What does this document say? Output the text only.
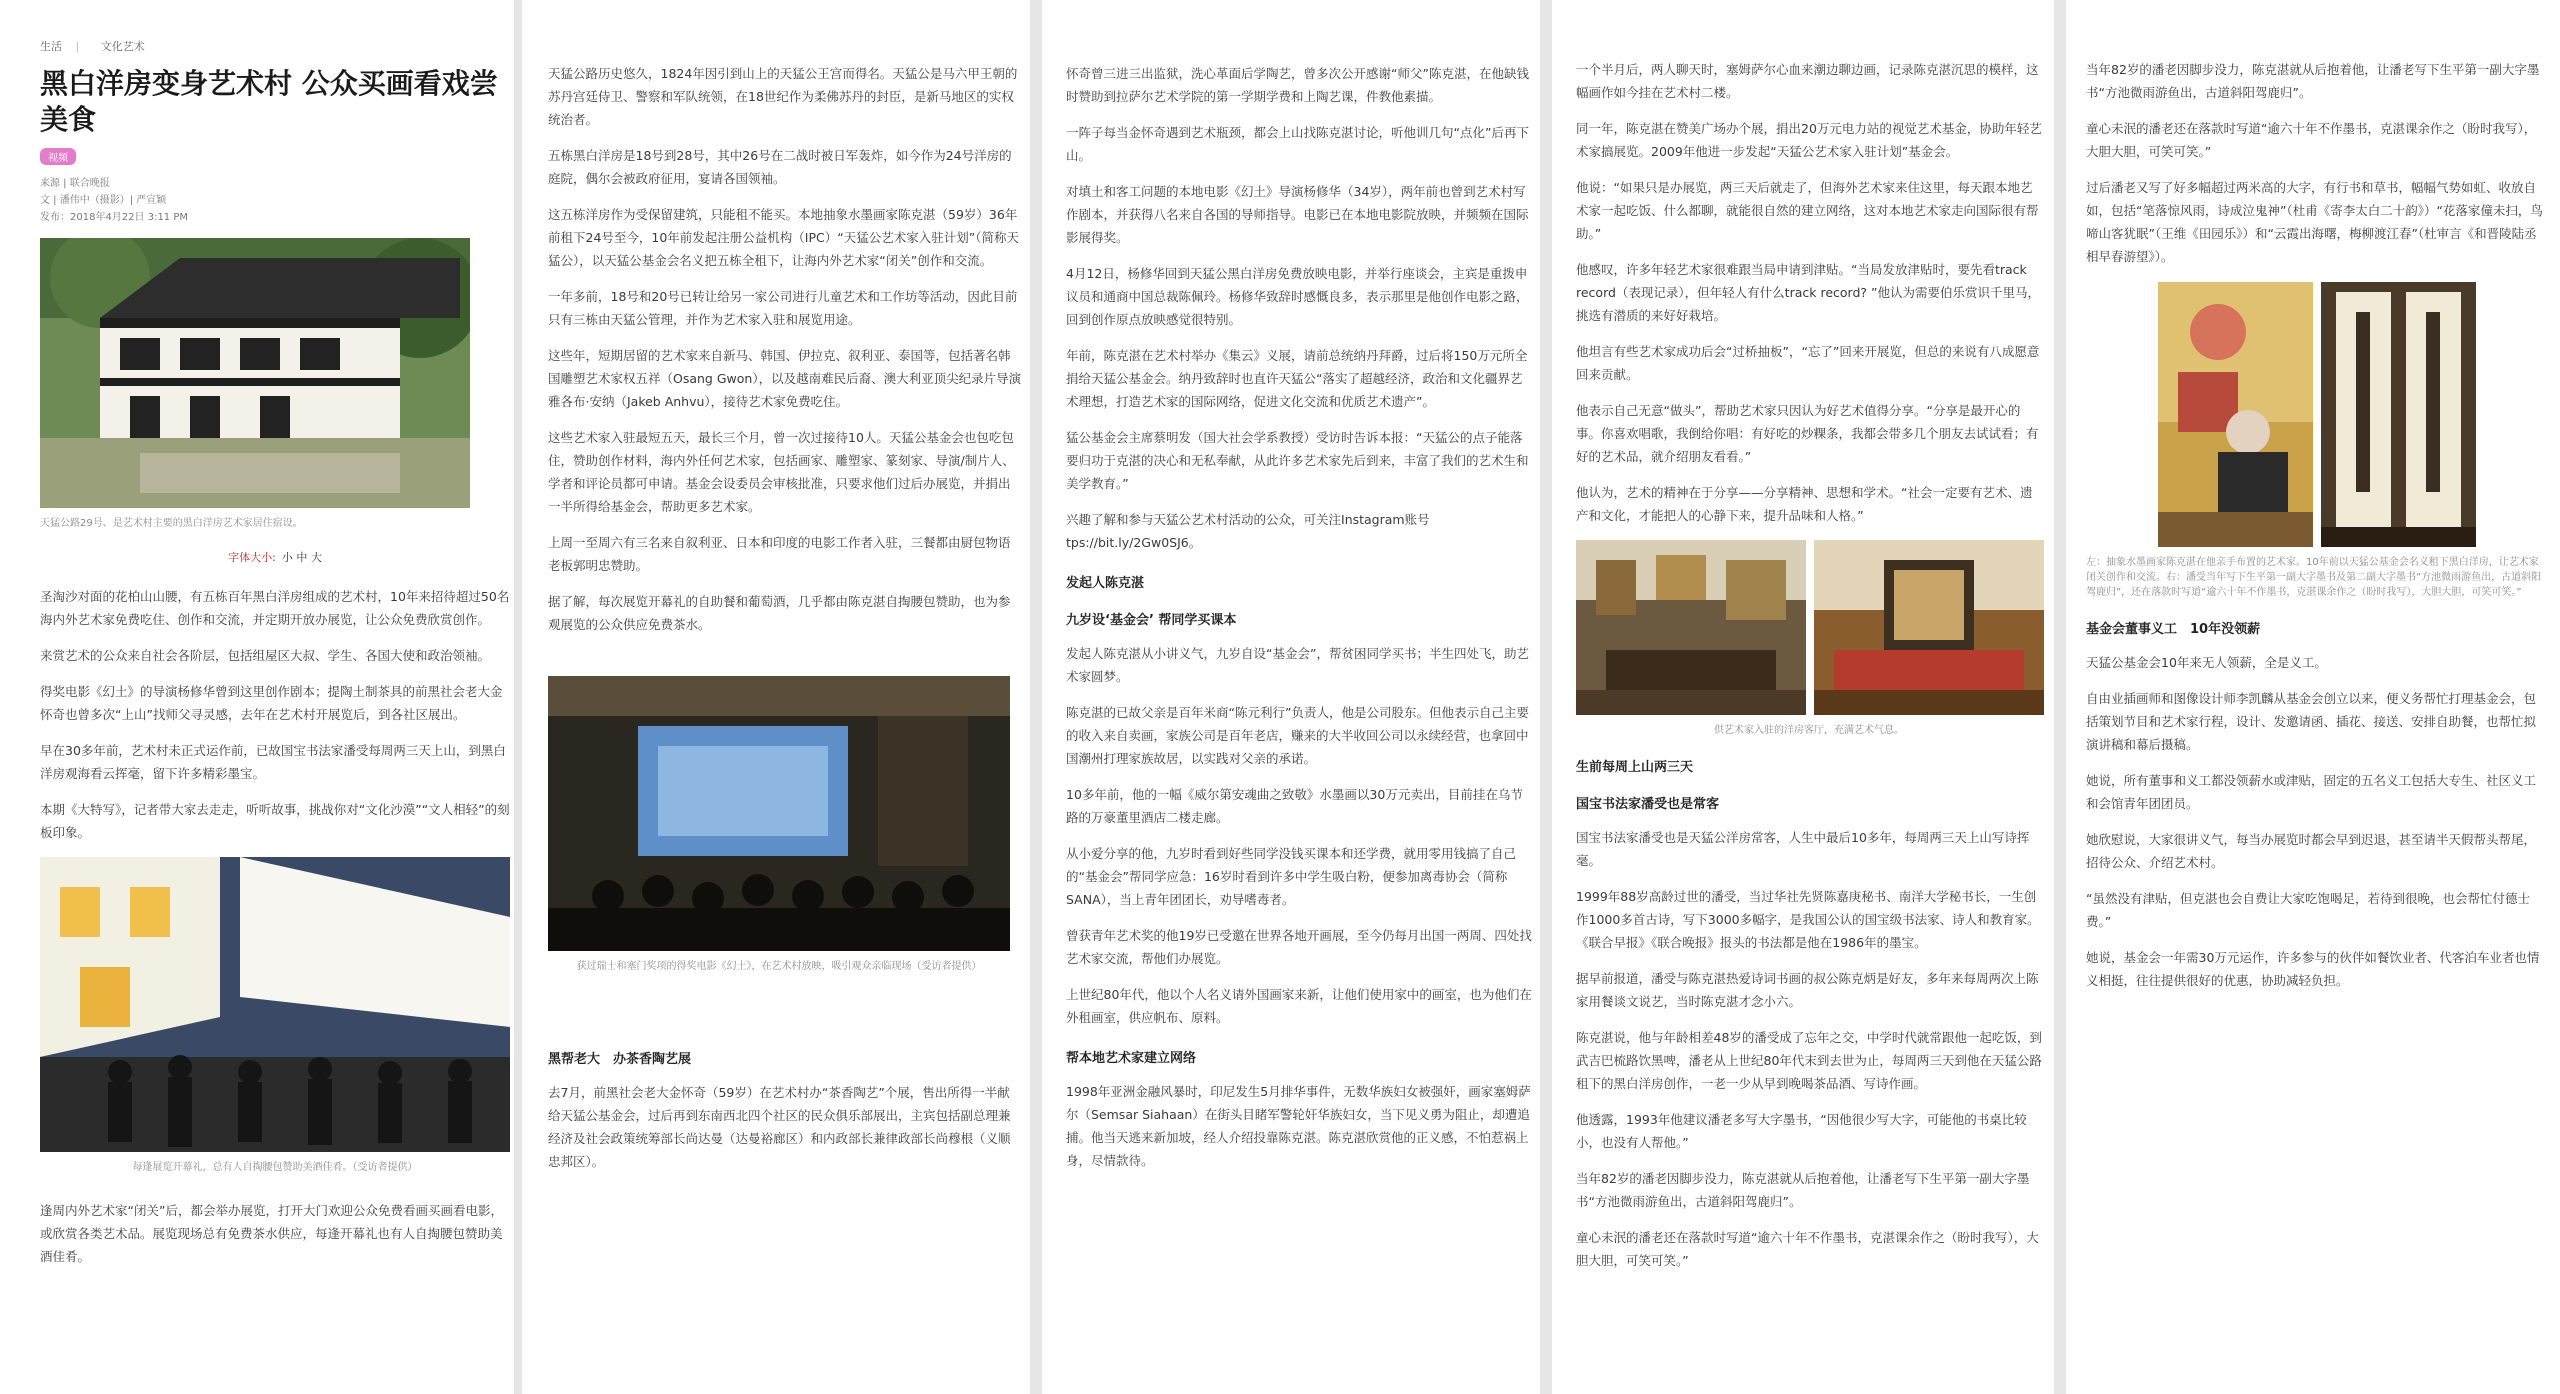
生活 | 文化艺术
黑白洋房变身艺术村 公众买画看戏尝美食
视频
来源 | 联合晚报
文 | 潘伟中（摄影）| 严宣颖
发布：2018年4月22日 3:11 PM

天猛公路29号、是艺术村主要的黑白洋房艺术家居住宿设。

字体大小: 小 中 大

圣淘沙对面的花柏山山腰，有五栋百年黑白洋房组成的艺术村，10年来招待超过50名海内外艺术家免费吃住、创作和交流，并定期开放办展览，让公众免费欣赏创作。

来赏艺术的公众来自社会各阶层，包括组屋区大叔、学生、各国大使和政治领袖。

得奖电影《幻土》的导演杨修华曾到这里创作剧本；提陶土制茶具的前黑社会老大金怀奇也曾多次“上山”找师父寻灵感，去年在艺术村开展览后，到各社区展出。

早在30多年前，艺术村未正式运作前，已故国宝书法家潘受每周两三天上山，到黑白洋房观海看云挥毫，留下许多精彩墨宝。

本期《大特写》，记者带大家去走走，听听故事，挑战你对“文化沙漠”“文人相轻”的刻板印象。

每逢展览开幕礼，总有人自掏腰包赞助美酒佳肴。（受访者提供）

逢周内外艺术家“闭关”后，都会举办展览，打开大门欢迎公众免费看画买画看电影，或欣赏各类艺术品。展览现场总有免费茶水供应，每逢开幕礼也有人自掏腰包赞助美酒佳肴。

天猛公路历史悠久，1824年因引到山上的天猛公王宫而得名。天猛公是马六甲王朝的苏丹宫廷侍卫、警察和军队统领，在18世纪作为柔佛苏丹的封臣，是新马地区的实权统治者。

五栋黑白洋房是18号到28号，其中26号在二战时被日军轰炸，如今作为24号洋房的庭院，偶尔会被政府征用，宴请各国领袖。

这五栋洋房作为受保留建筑，只能租不能买。本地抽象水墨画家陈克湛（59岁）36年前租下24号至今，10年前发起注册公益机构（IPC）“天猛公艺术家入驻计划”（简称天猛公），以天猛公基金会名义把五栋全租下，让海内外艺术家“闭关”创作和交流。

一年多前，18号和20号已转让给另一家公司进行儿童艺术和工作坊等活动，因此目前只有三栋由天猛公管理，并作为艺术家入驻和展览用途。

这些年，短期居留的艺术家来自新马、韩国、伊拉克、叙利亚、泰国等，包括著名韩国雕塑艺术家权五祥（Osang Gwon），以及越南难民后裔、澳大利亚顶尖纪录片导演雅各布·安纳（Jakeb Anhvu），接待艺术家免费吃住。

这些艺术家入驻最短五天，最长三个月，曾一次过接待10人。天猛公基金会也包吃包住，赞助创作材料，海内外任何艺术家，包括画家、雕塑家、篆刻家、导演/制片人、学者和评论员都可申请。基金会设委员会审核批准，只要求他们过后办展览，并捐出一半所得给基金会，帮助更多艺术家。

上周一至周六有三名来自叙利亚、日本和印度的电影工作者入驻，三餐都由厨包物语老板郭明忠赞助。

据了解，每次展览开幕礼的自助餐和葡萄酒，几乎都由陈克湛自掏腰包赞助，也为参观展览的公众供应免费茶水。

获过瑞士和塞门奖项的得奖电影《幻土》，在艺术村放映，吸引观众亲临现场（受访者提供）

黑帮老大　办茶香陶艺展

去7月，前黑社会老大金怀奇（59岁）在艺术村办“茶香陶艺”个展，售出所得一半献给天猛公基金会，过后再到东南西北四个社区的民众俱乐部展出，主宾包括副总理兼经济及社会政策统筹部长尚达曼（达曼裕廊区）和内政部长兼律政部长尚穆根（义顺忠邦区）。

怀奇曾三进三出监狱，洗心革面后学陶艺，曾多次公开感谢“师父”陈克湛，在他缺钱时赞助到拉萨尔艺术学院的第一学期学费和上陶艺课，件教他素描。

一阵子每当金怀奇遇到艺术瓶颈，都会上山找陈克湛讨论，听他训几句“点化”后再下山。

对填土和客工问题的本地电影《幻土》导演杨修华（34岁），两年前也曾到艺术村写作剧本，并获得八名来自各国的导师指导。电影已在本地电影院放映，并频频在国际影展得奖。

4月12日，杨修华回到天猛公黑白洋房免费放映电影，并举行座谈会，主宾是重拨申议员和通商中国总裁陈佩玲。杨修华致辞时感慨良多，表示那里是他创作电影之路，回到创作原点放映感觉很特别。

年前，陈克湛在艺术村举办《集云》义展，请前总统纳丹拜爵，过后将150万元所全捐给天猛公基金会。纳丹致辞时也直许天猛公“落实了超越经济，政治和文化疆界艺术理想，打造艺术家的国际网络，促进文化交流和优质艺术遗产”。

猛公基金会主席蔡明发（国大社会学系教授）受访时告诉本报：“天猛公的点子能落要归功于克湛的决心和无私奉献，从此许多艺术家先后到来，丰富了我们的艺术生和美学教育。”

兴趣了解和参与天猛公艺术村活动的公众，可关注Instagram账号 tps://bit.ly/2Gw0SJ6。

发起人陈克湛
九岁设‘基金会’ 帮同学买课本

发起人陈克湛从小讲义气，九岁自设“基金会”，帮贫困同学买书；半生四处飞，助艺术家圆梦。

陈克湛的已故父亲是百年米商“陈元利行”负责人，他是公司股东。但他表示自己主要的收入来自卖画，家族公司是百年老店，赚来的大半收回公司以永续经营，也拿回中国潮州打理家族故居，以实践对父亲的承诺。

10多年前，他的一幅《威尔第安魂曲之致敬》水墨画以30万元卖出，目前挂在乌节路的万豪董里酒店二楼走廊。

从小爱分享的他，九岁时看到好些同学没钱买课本和还学费，就用零用钱搞了自己的“基金会”帮同学应急：16岁时看到许多中学生吸白粉，便参加离毒协会（简称SANA），当上青年团团长，劝导嗜毒者。

曾获青年艺术奖的他19岁已受邀在世界各地开画展，至今仍每月出国一两周、四处找艺术家交流，帮他们办展览。

上世纪80年代，他以个人名义请外国画家来新，让他们使用家中的画室，也为他们在外租画室，供应帆布、原料。

帮本地艺术家建立网络

1998年亚洲金融风暴时，印尼发生5月排华事件，无数华族妇女被强奸，画家塞姆萨尔（Semsar Siahaan）在街头目睹军警轮奸华族妇女，当下见义勇为阻止，却遭追捕。他当天逃来新加坡，经人介绍投靠陈克湛。陈克湛欣赏他的正义感，不怕惹祸上身，尽情款待。

一个半月后，两人聊天时，塞姆萨尔心血来潮边聊边画，记录陈克湛沉思的模样，这幅画作如今挂在艺术村二楼。

同一年，陈克湛在赞美广场办个展，捐出20万元电力站的视觉艺术基金，协助年轻艺术家搞展览。2009年他进一步发起“天猛公艺术家入驻计划”基金会。

他说：“如果只是办展览，两三天后就走了，但海外艺术家来住这里，每天跟本地艺术家一起吃饭、什么都聊，就能很自然的建立网络，这对本地艺术家走向国际很有帮助。”

他感叹，许多年轻艺术家很难跟当局申请到津贴。“当局发放津贴时，要先看track record（表现记录），但年轻人有什么track record? ”他认为需要伯乐赏识千里马，挑选有潜质的来好好栽培。

他坦言有些艺术家成功后会“过桥抽板”，“忘了”回来开展览，但总的来说有八成愿意回来贡献。

他表示自己无意“做头”，帮助艺术家只因认为好艺术值得分享。“分享是最开心的事。你喜欢唱歌，我倒给你唱：有好吃的炒粿条，我都会带多几个朋友去试试看；有好的艺术品，就介绍朋友看看。”

他认为，艺术的精神在于分享——分享精神、思想和学术。“社会一定要有艺术、遗产和文化，才能把人的心静下来，提升品味和人格。”

供艺术家入驻的洋房客厅，充满艺术气息。

生前每周上山两三天
国宝书法家潘受也是常客

国宝书法家潘受也是天猛公洋房常客，人生中最后10多年，每周两三天上山写诗挥毫。

1999年88岁高龄过世的潘受，当过华社先贤陈嘉庚秘书、南洋大学秘书长，一生创作1000多首古诗，写下3000多幅字，是我国公认的国宝级书法家、诗人和教育家。《联合早报》《联合晚报》报头的书法都是他在1986年的墨宝。

据早前报道，潘受与陈克湛热爱诗词书画的叔公陈克炳是好友，多年来每周两次上陈家用餐谈文说艺，当时陈克湛才念小六。

陈克湛说，他与年龄相差48岁的潘受成了忘年之交，中学时代就常跟他一起吃饭，到武吉巴梳路饮黑啤，潘老从上世纪80年代末到去世为止，每周两三天到他在天猛公路租下的黑白洋房创作，一老一少从早到晚喝茶品酒、写诗作画。

他透露，1993年他建议潘老多写大字墨书，“因他很少写大字，可能他的书桌比较小，也没有人帮他。”

当年82岁的潘老因脚步没力，陈克湛就从后抱着他，让潘老写下生平第一副大字墨书“方池微雨游鱼出，古道斜阳驾鹿归”。

童心未泯的潘老还在落款时写道“逾六十年不作墨书，克湛课余作之（盼时我写），大胆大胆，可笑可笑。”

当年82岁的潘老因脚步没力，陈克湛就从后抱着他，让潘老写下生平第一副大字墨书“方池微雨游鱼出，古道斜阳驾鹿归”。

童心未泯的潘老还在落款时写道“逾六十年不作墨书，克湛课余作之（盼时我写），大胆大胆，可笑可笑。”

过后潘老又写了好多幅超过两米高的大字，有行书和草书，幅幅气势如虹、收放自如，包括“笔落惊风雨，诗成泣鬼神”（杜甫《寄李太白二十韵》）“花落家僮未扫，鸟啼山客犹眠”（王维《田园乐》）和“云霞出海曙，梅柳渡江春”（杜审言《和晋陵陆丞相早春游望》）。

左：抽象水墨画家陈克湛在他亲手布置的艺术家。10年前以天猛公基金会名义租下黑白洋房，让艺术家闭关创作和交流。右：潘受当年写下生平第一副大字墨书及第二副大字墨书“方池微雨游鱼出，古道斜阳驾鹿归”，还在落款时写道“逾六十年不作墨书，克湛课余作之（盼时我写），大胆大胆，可笑可笑。”

基金会董事义工　10年没领薪

天猛公基金会10年来无人领薪，全是义工。

自由业插画师和图像设计师李凯麟从基金会创立以来，便义务帮忙打理基金会，包括策划节目和艺术家行程，设计、发邀请函、插花、接送、安排自助餐，也帮忙拟演讲稿和幕后摄稿。

她说，所有董事和义工都没领薪水或津贴，固定的五名义工包括大专生、社区义工和会馆青年团团员。

她欣慰说，大家很讲义气，每当办展览时都会早到迟退，甚至请半天假帮头帮尾，招待公众、介绍艺术村。

“虽然没有津贴，但克湛也会自费让大家吃饱喝足，若待到很晚，也会帮忙付德士费。”

她说，基金会一年需30万元运作，许多参与的伙伴如餐饮业者、代客泊车业者也情义相挺，往往提供很好的优惠，协助减轻负担。
